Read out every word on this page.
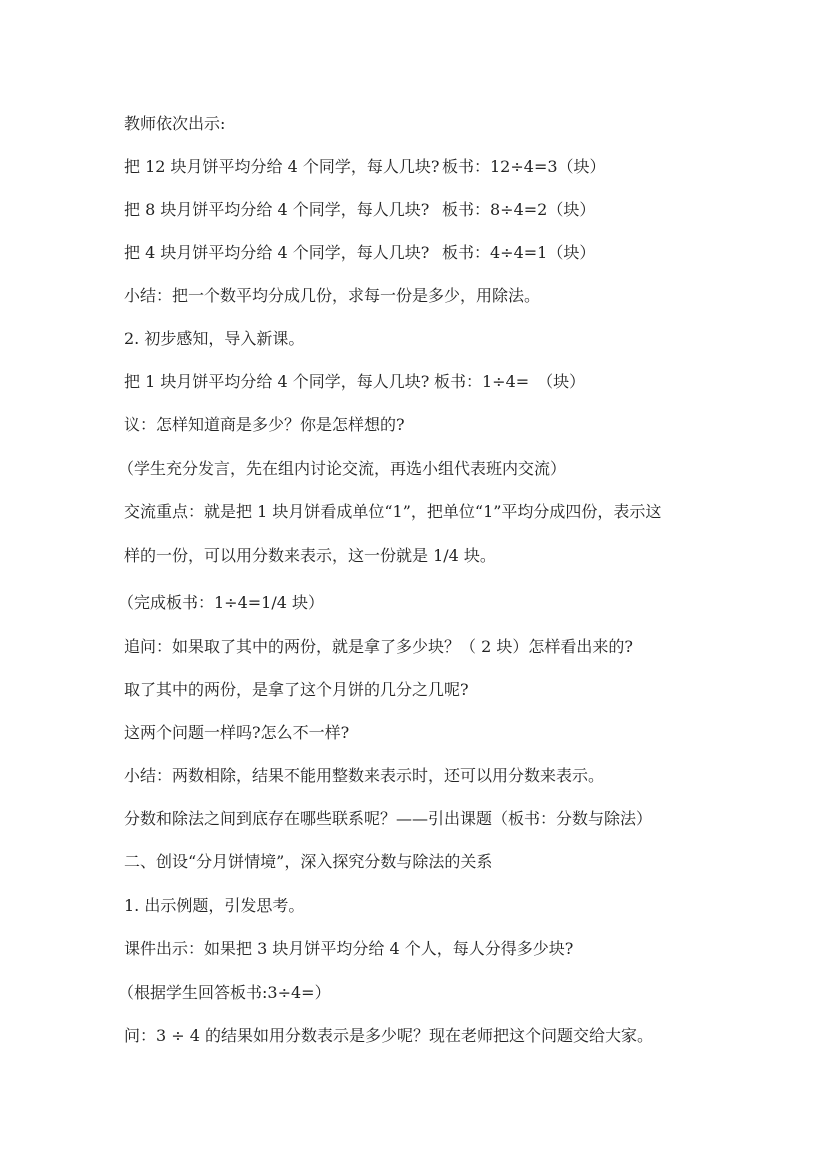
教师依次出示:
把 12 块月饼平均分给 4 个同学，每人几块? 板书：12÷4=3（块）
把 8 块月饼平均分给 4 个同学，每人几块? 板书：8÷4=2（块）
把 4 块月饼平均分给 4 个同学，每人几块? 板书：4÷4=1（块）
小结：把一个数平均分成几份，求每一份是多少，用除法。
2. 初步感知，导入新课。
把 1 块月饼平均分给 4 个同学，每人几块? 板书：1÷4=　（块）
议：怎样知道商是多少？你是怎样想的?
（学生充分发言，先在组内讨论交流，再选小组代表班内交流）
交流重点：就是把 1 块月饼看成单位“1”，把单位“1”平均分成四份，表示这
样的一份，可以用分数来表示，这一份就是 1/4 块。
（完成板书：1÷4=1/4 块）
追问：如果取了其中的两份，就是拿了多少块？（ 2 块）怎样看出来的?
取了其中的两份，是拿了这个月饼的几分之几呢?
这两个问题一样吗?怎么不一样?
小结：两数相除，结果不能用整数来表示时，还可以用分数来表示。
分数和除法之间到底存在哪些联系呢？——引出课题（板书：分数与除法）
二、创设“分月饼情境”，深入探究分数与除法的关系
1. 出示例题，引发思考。
课件出示：如果把 3 块月饼平均分给 4 个人，每人分得多少块?
（根据学生回答板书:3÷4=）
问：3 ÷ 4 的结果如用分数表示是多少呢？现在老师把这个问题交给大家。
